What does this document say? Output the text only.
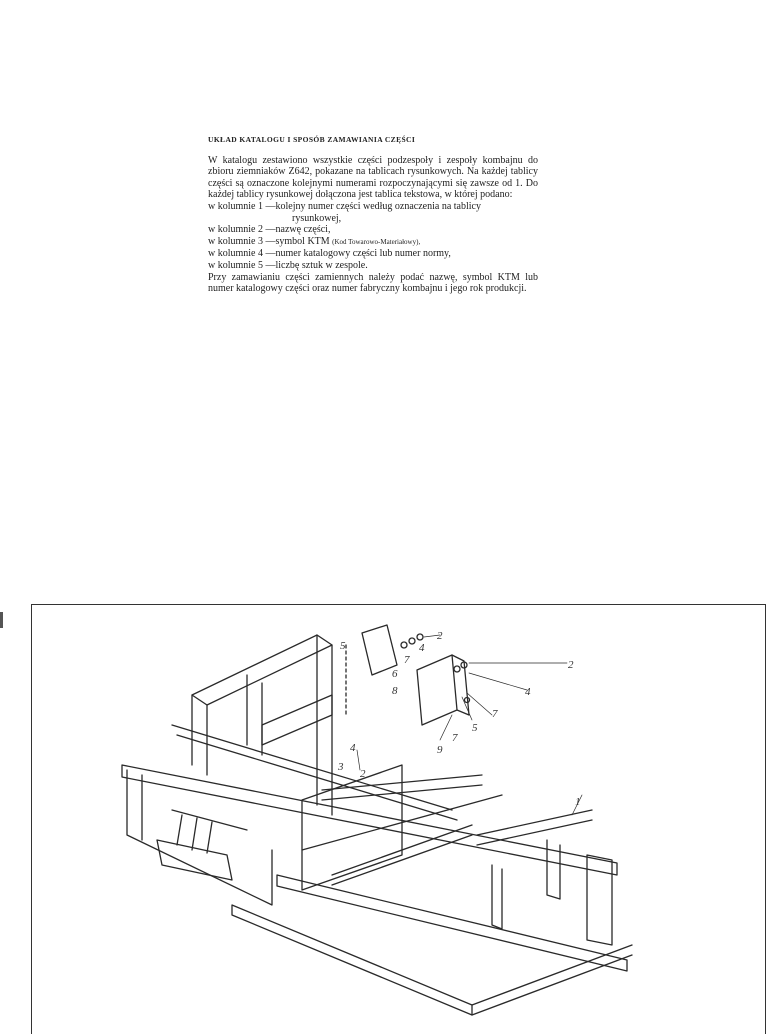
UKŁAD KATALOGU I SPOSÓB ZAMAWIANIA CZĘŚCI

W katalogu zestawiono wszystkie części podzespoły i zespoły kombajnu do zbioru ziemniaków Z642, pokazane na tablicach rysunkowych. Na każdej tablicy części są oznaczone kolejnymi numerami rozpoczynającymi się zawsze od 1. Do każdej tablicy rysunkowej dołączona jest tablica tekstowa, w której podano:

w kolumnie 1 — kolejny numer części według oznaczenia na tablicy

rysunkowej,

w kolumnie 2 — nazwę części,

w kolumnie 3 — symbol KTM (Kod Towarowo-Materiałowy),

w kolumnie 4 — numer katalogowy części lub numer normy,

w kolumnie 5 — liczbę sztuk w zespole.

Przy zamawianiu części zamiennych należy podać nazwę, symbol KTM lub numer katalogowy części oraz numer fabryczny kombajnu i jego rok produkcji.

2
4
7
5
6
2
4
7
5
7
8
9
4
3
2
1
